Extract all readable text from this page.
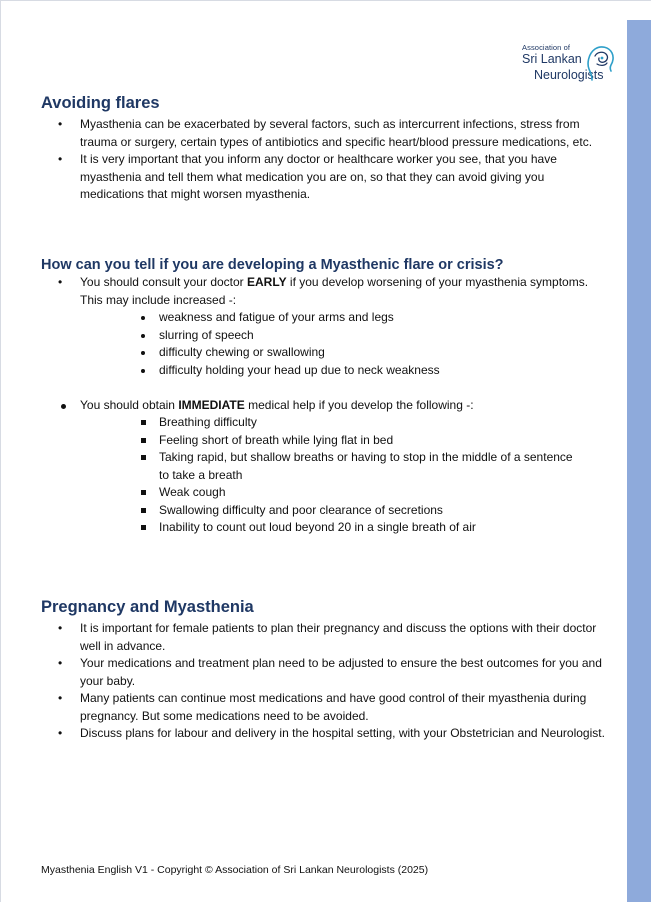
Association of
Sri Lankan
Neurologists
Avoiding flares
• Myasthenia can be exacerbated by several factors, such as intercurrent infections, stress from trauma or surgery, certain types of antibiotics and specific heart/blood pressure medications, etc.
• It is very important that you inform any doctor or healthcare worker you see, that you have myasthenia and tell them what medication you are on, so that they can avoid giving you medications that might worsen myasthenia.
How can you tell if you are developing a Myasthenic flare or crisis?
• You should consult your doctor EARLY if you develop worsening of your myasthenia symptoms. This may include increased -:
weakness and fatigue of your arms and legs
slurring of speech
difficulty chewing or swallowing
difficulty holding your head up due to neck weakness
You should obtain IMMEDIATE medical help if you develop the following -:
Breathing difficulty
Feeling short of breath while lying flat in bed
Taking rapid, but shallow breaths or having to stop in the middle of a sentence to take a breath
Weak cough
Swallowing difficulty and poor clearance of secretions
Inability to count out loud beyond 20 in a single breath of air
Pregnancy and Myasthenia
• It is important for female patients to plan their pregnancy and discuss the options with their doctor well in advance.
• Your medications and treatment plan need to be adjusted to ensure the best outcomes for you and your baby.
• Many patients can continue most medications and have good control of their myasthenia during pregnancy. But some medications need to be avoided.
• Discuss plans for labour and delivery in the hospital setting, with your Obstetrician and Neurologist.
Myasthenia English V1 - Copyright © Association of Sri Lankan Neurologists (2025)
